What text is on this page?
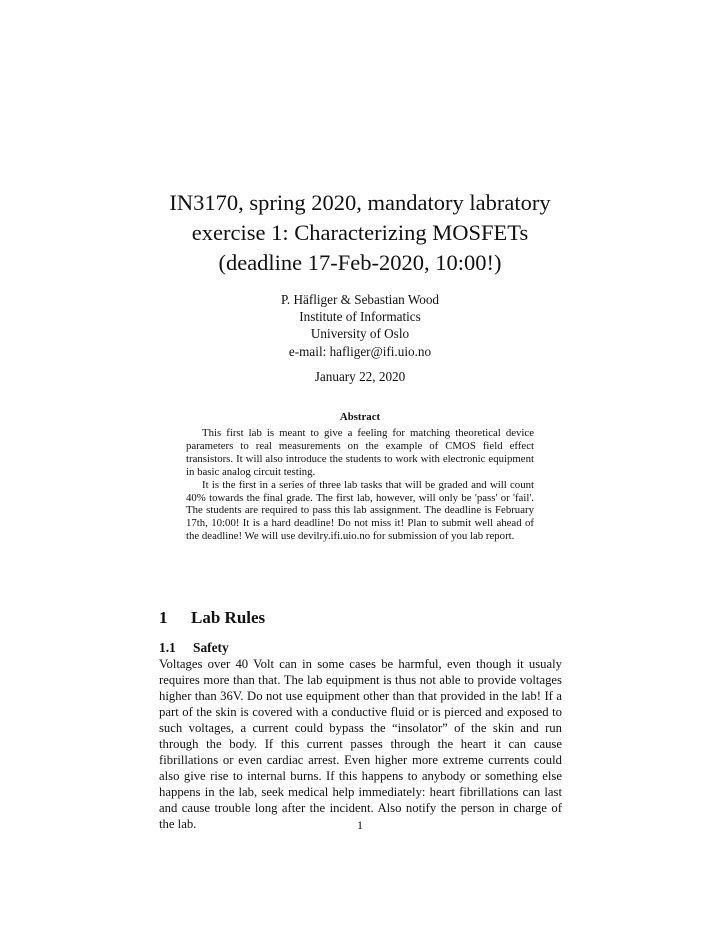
IN3170, spring 2020, mandatory labratory
exercise 1: Characterizing MOSFETs
(deadline 17-Feb-2020, 10:00!)
P. Häfliger & Sebastian Wood
Institute of Informatics
University of Oslo
e-mail: hafliger@ifi.uio.no
January 22, 2020
Abstract

This first lab is meant to give a feeling for matching theoretical device parameters to real measurements on the example of CMOS field effect transistors. It will also introduce the students to work with electronic equipment in basic analog circuit testing.

It is the first in a series of three lab tasks that will be graded and will count 40% towards the final grade. The first lab, however, will only be 'pass' or 'fail'. The students are required to pass this lab assignment. The deadline is February 17th, 10:00! It is a hard deadline! Do not miss it! Plan to submit well ahead of the deadline! We will use devilry.ifi.uio.no for submission of you lab report.

1 Lab Rules
1.1 Safety

Voltages over 40 Volt can in some cases be harmful, even though it usualy requires more than that. The lab equipment is thus not able to provide voltages higher than 36V. Do not use equipment other than that provided in the lab! If a part of the skin is covered with a conductive fluid or is pierced and exposed to such voltages, a current could bypass the “insolator” of the skin and run through the body. If this current passes through the heart it can cause fibrillations or even cardiac arrest. Even higher more extreme currents could also give rise to internal burns. If this happens to anybody or something else happens in the lab, seek medical help immediately: heart fibrillations can last and cause trouble long after the incident. Also notify the person in charge of the lab.	1
